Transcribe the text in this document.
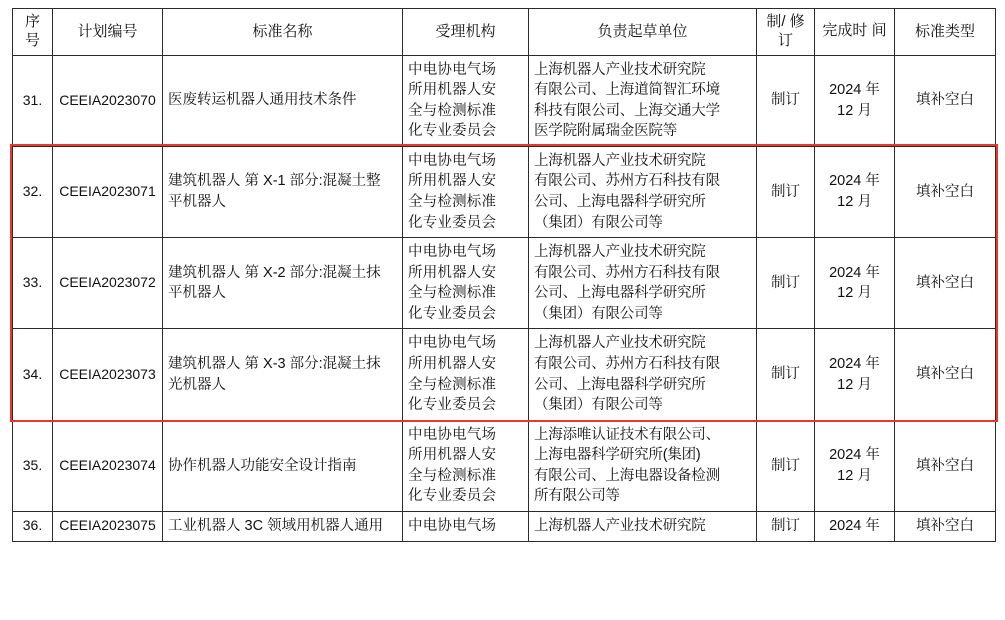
序 号	计划编号	标准名称	受理机构	负责起草单位	制/ 修订	完成时 间	标准类型
31.	CEEIA2023070	医废转运机器人通用技术条件	中电协电气场
所用机器人安
全与检测标准
化专业委员会	上海机器人产业技术研究院
有限公司、上海道简智汇环境
科技有限公司、上海交通大学
医学院附属瑞金医院等	制订	2024 年
12 月	填补空白
32.	CEEIA2023071	建筑机器人 第 X-1 部分:混凝土整
平机器人	中电协电气场
所用机器人安
全与检测标准
化专业委员会	上海机器人产业技术研究院
有限公司、苏州方石科技有限
公司、上海电器科学研究所
（集团）有限公司等	制订	2024 年
12 月	填补空白
33.	CEEIA2023072	建筑机器人 第 X-2 部分:混凝土抹
平机器人	中电协电气场
所用机器人安
全与检测标准
化专业委员会	上海机器人产业技术研究院
有限公司、苏州方石科技有限
公司、上海电器科学研究所
（集团）有限公司等	制订	2024 年
12 月	填补空白
34.	CEEIA2023073	建筑机器人 第 X-3 部分:混凝土抹
光机器人	中电协电气场
所用机器人安
全与检测标准
化专业委员会	上海机器人产业技术研究院
有限公司、苏州方石科技有限
公司、上海电器科学研究所
（集团）有限公司等	制订	2024 年
12 月	填补空白
35.	CEEIA2023074	协作机器人功能安全设计指南	中电协电气场
所用机器人安
全与检测标准
化专业委员会	上海添唯认证技术有限公司、
上海电器科学研究所(集团)
有限公司、上海电器设备检测
所有限公司等	制订	2024 年
12 月	填补空白
36.	CEEIA2023075	工业机器人 3C 领域用机器人通用	中电协电气场	上海机器人产业技术研究院	制订	2024 年	填补空白
